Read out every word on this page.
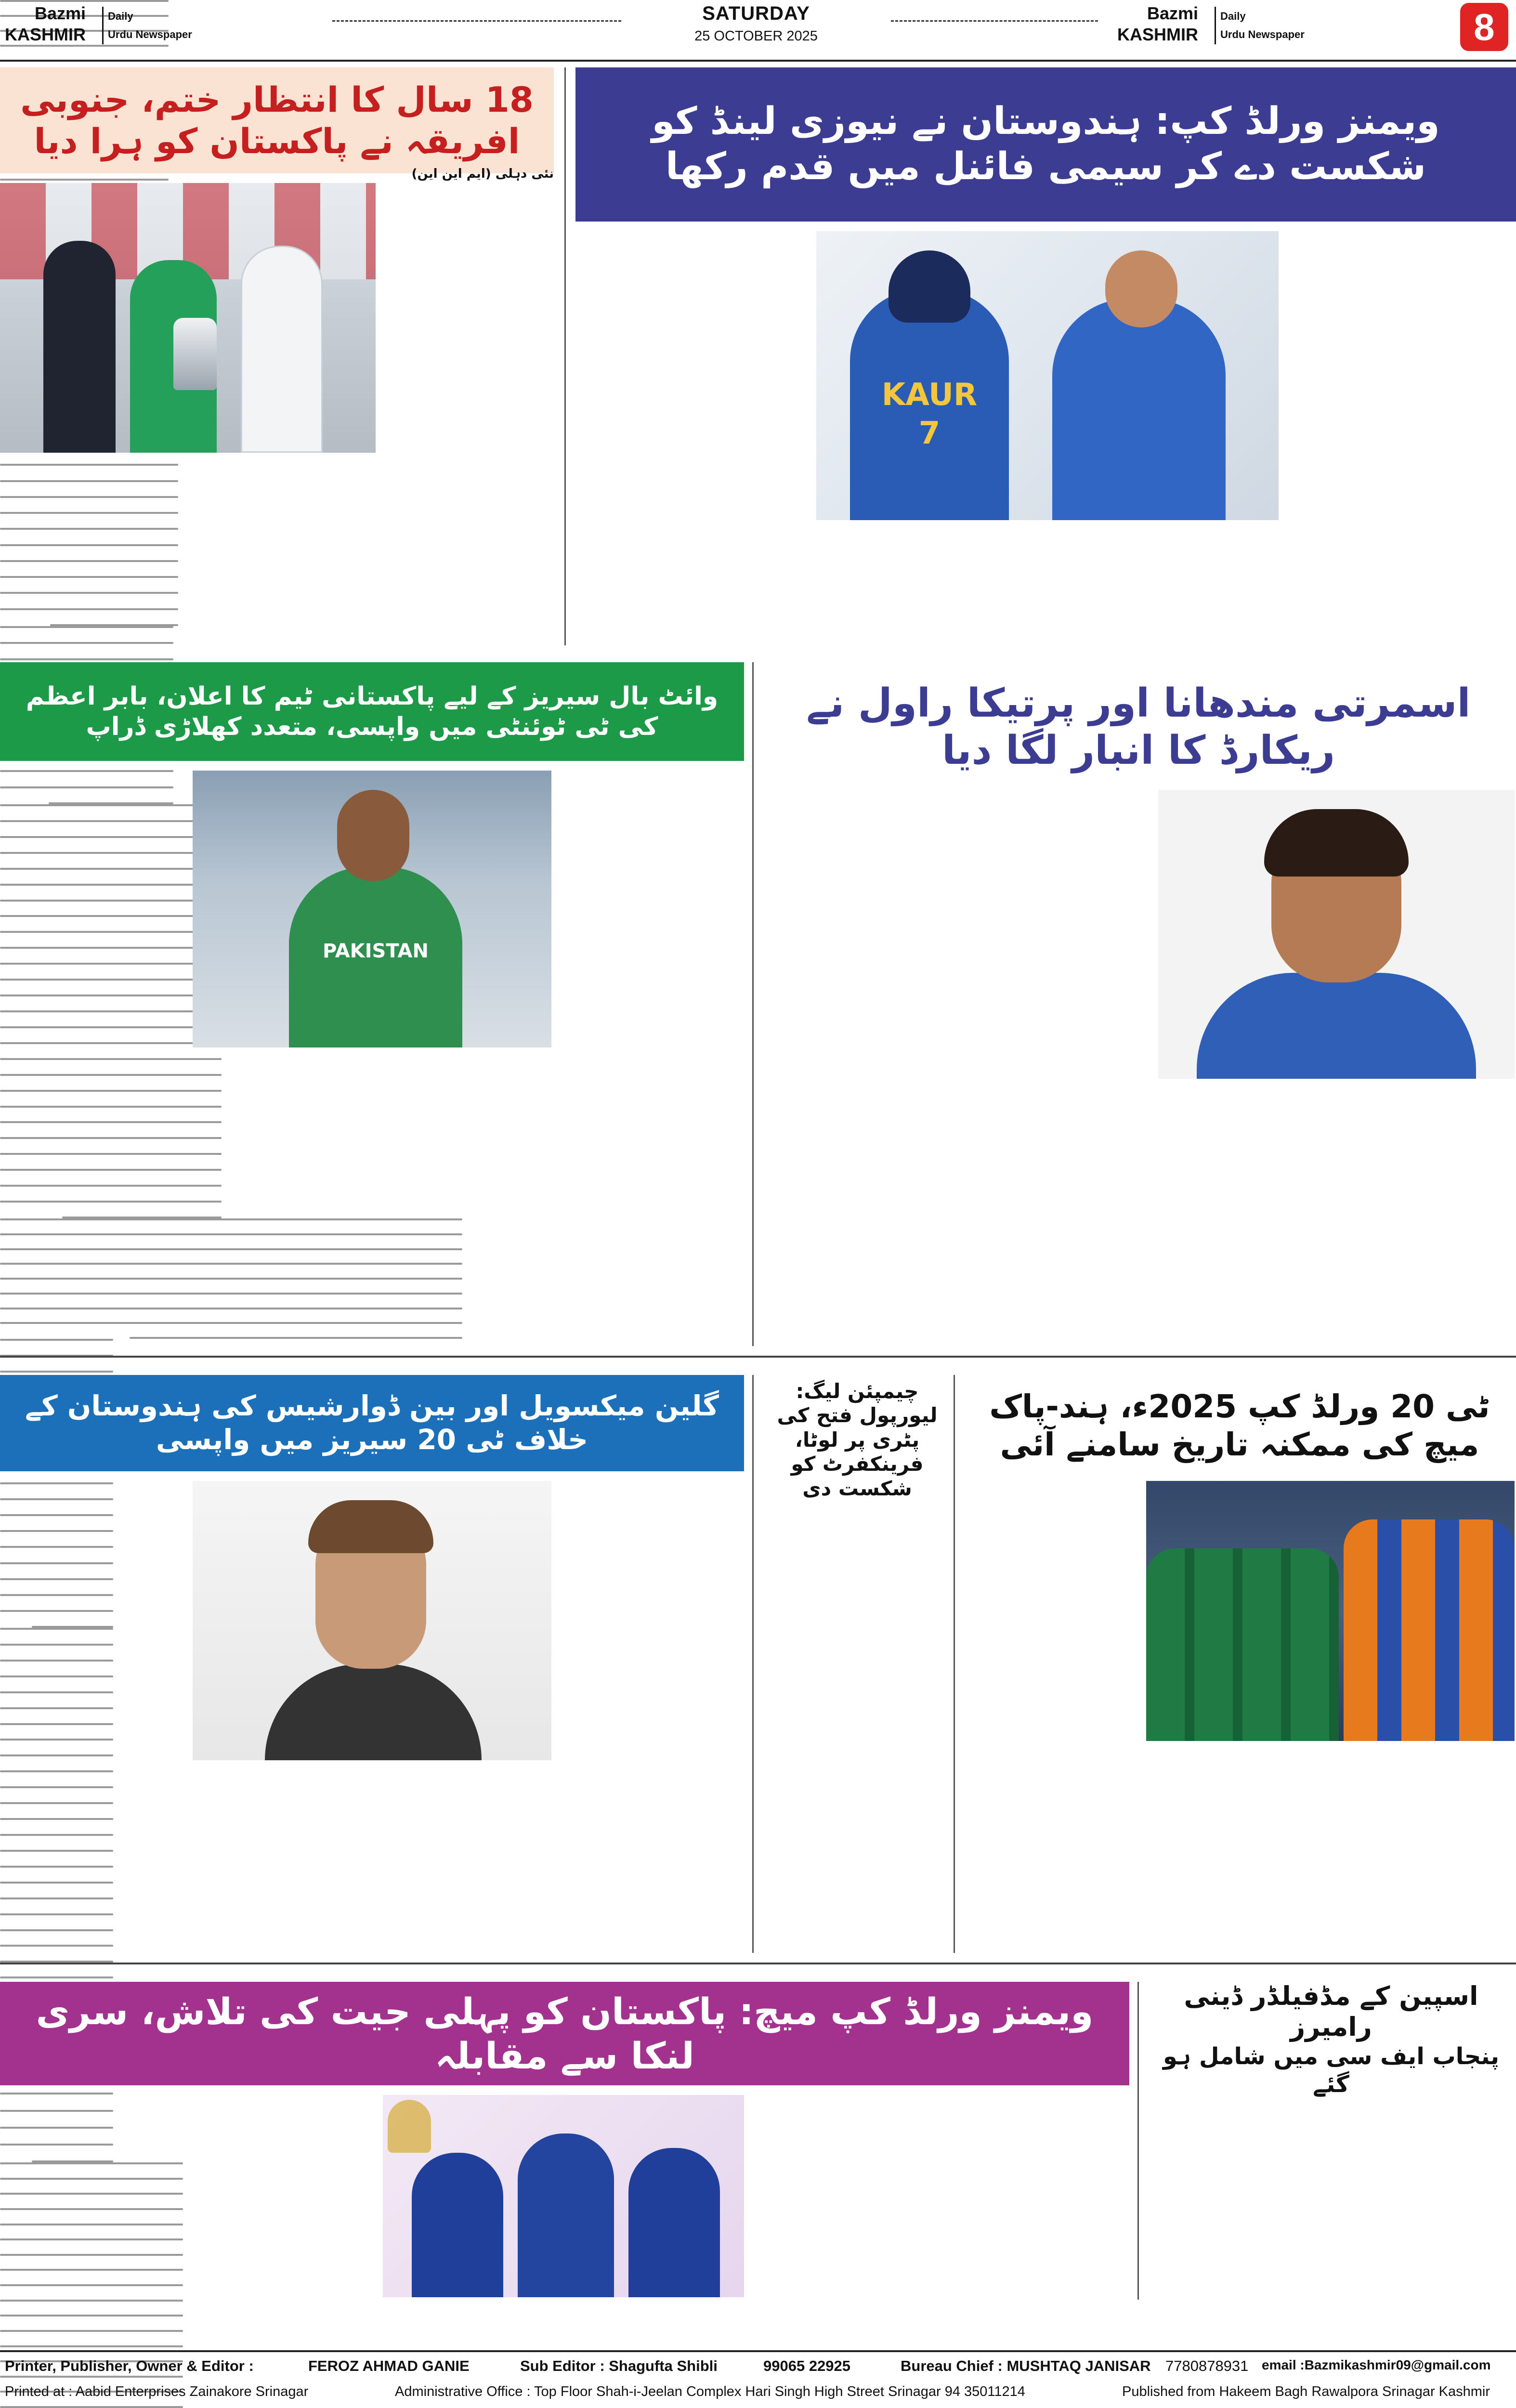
Bazmi
KASHMIR
Daily
Urdu Newspaper
SATURDAY
25 OCTOBER 2025
Bazmi
KASHMIR
Daily
Urdu Newspaper	8
18 سال کا انتظار ختم، جنوبی افریقہ نے پاکستان کو ہرا دیا
نئی دہلی (ایم این این)
ویمنز ورلڈ کپ: ہندوستان نے نیوزی لینڈ کو شکست دے کر سیمی فائنل میں قدم رکھا
KAUR 7
وائٹ بال سیریز کے لیے پاکستانی ٹیم کا اعلان، بابر اعظم کی ٹی ٹوئنٹی میں واپسی، متعدد کھلاڑی ڈراپ
PAKISTAN
اسمرتی مندھانا اور پرتیکا راول نے ریکارڈ کا انبار لگا دیا
گلین میکسویل اور بین ڈوارشیس کی ہندوستان کے خلاف ٹی 20 سیریز میں واپسی
چیمپئن لیگ: لیورپول فتح کی پٹری پر لوٹا، فرینکفرٹ کو شکست دی
ٹی 20 ورلڈ کپ 2025ء، ہند-پاک میچ کی ممکنہ تاریخ سامنے آئی
ویمنز ورلڈ کپ میچ: پاکستان کو پہلی جیت کی تلاش، سری لنکا سے مقابلہ
اسپین کے مڈفیلڈر ڈینی رامیرز
پنجاب ایف سی میں شامل ہو گئے
Printer, Publisher, Owner & Editor :	FEROZ AHMAD GANIE	Sub Editor : Shagufta Shibli	99065 22925	Bureau Chief : MUSHTAQ JANISAR 7780878931 email :Bazmikashmir09@gmail.com
Printed at : Aabid Enterprises Zainakore Srinagar	Administrative Office : Top Floor Shah-i-Jeelan Complex Hari Singh High Street Srinagar 94 35011214	Published from Hakeem Bagh Rawalpora Srinagar Kashmir
